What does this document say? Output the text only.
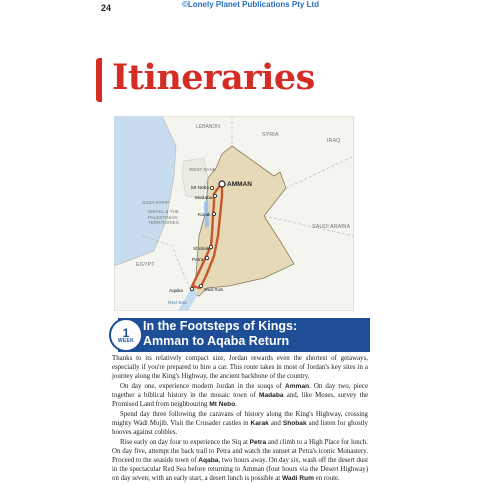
24	©Lonely Planet Publications Pty Ltd
Itineraries
LEBANON
SYRIA
IRAQ
WEST BANK
GAZA STRIP
ISRAEL & THE PALESTINIAN TERRITORIES
SAUDI ARABIA
EGYPT
Red Sea
AMMAN
Mt Nebo
Madaba
Karak
Shobak
Petra
Wadi Rum
Aqaba
1
WEEK
In the Footsteps of Kings:
Amman to Aqaba Return

Thanks to its relatively compact size, Jordan rewards even the shortest of getaways, especially if you're prepared to hire a car. This route takes in most of Jordan's key sites in a journey along the King's Highway, the ancient backbone of the country.

On day one, experience modern Jordan in the souqs of Amman. On day two, piece together a biblical history in the mosaic town of Madaba and, like Moses, survey the Promised Land from neighbouring Mt Nebo.

Spend day three following the caravans of history along the King's Highway, crossing mighty Wadi Mujib. Visit the Crusader castles in Karak and Shobak and listen for ghostly hooves against cobbles.

Rise early on day four to experience the Siq at Petra and climb to a High Place for lunch. On day five, attempt the back trail to Petra and watch the sunset at Petra's iconic Monastery. Proceed to the seaside town of Aqaba, two hours away. On day six, wash off the desert dust in the spectacular Red Sea before returning to Amman (four hours via the Desert Highway) on day seven; with an early start, a desert lunch is possible at Wadi Rum en route.
